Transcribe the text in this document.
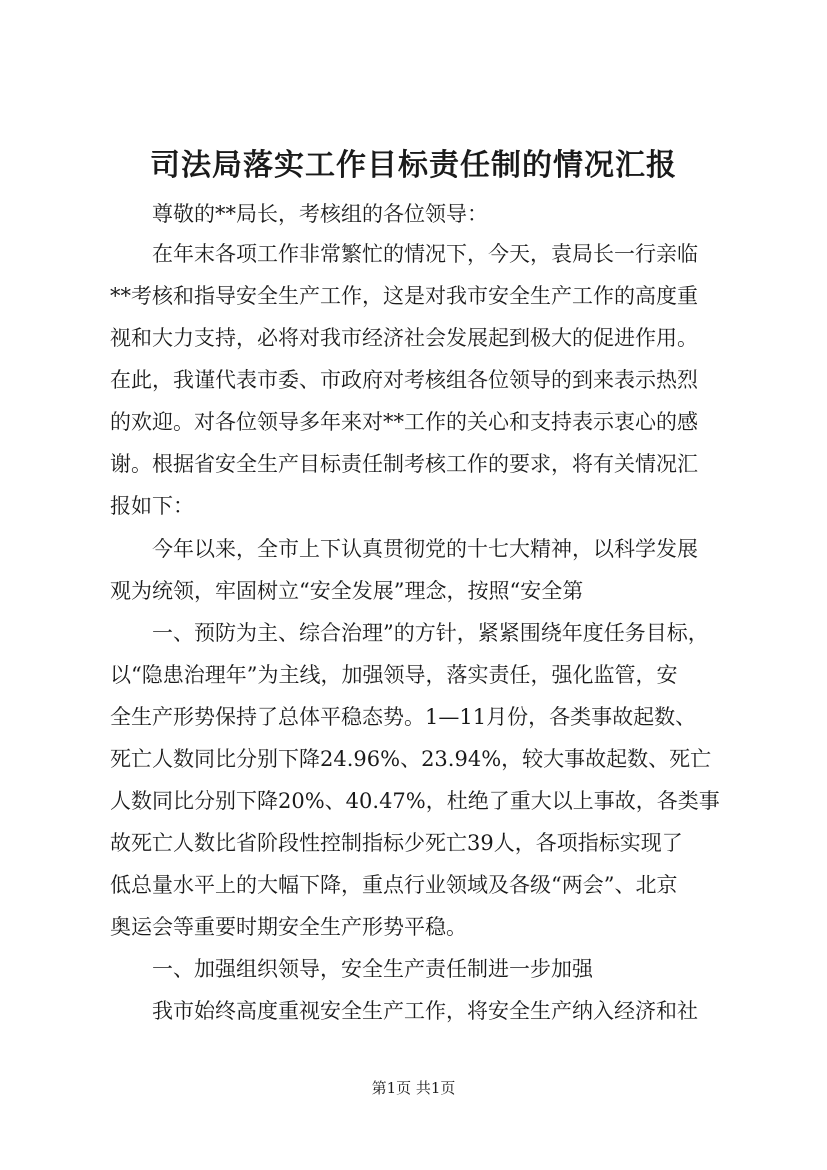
司法局落实工作目标责任制的情况汇报

尊敬的**局长，考核组的各位领导：

在年末各项工作非常繁忙的情况下，今天，袁局长一行亲临

**考核和指导安全生产工作，这是对我市安全生产工作的高度重

视和大力支持，必将对我市经济社会发展起到极大的促进作用。

在此，我谨代表市委、市政府对考核组各位领导的到来表示热烈

的欢迎。对各位领导多年来对**工作的关心和支持表示衷心的感

谢。根据省安全生产目标责任制考核工作的要求，将有关情况汇

报如下：

今年以来，全市上下认真贯彻党的十七大精神，以科学发展

观为统领，牢固树立“安全发展”理念，按照“安全第

一、预防为主、综合治理”的方针，紧紧围绕年度任务目标，

以“隐患治理年”为主线，加强领导，落实责任，强化监管，安

全生产形势保持了总体平稳态势。1—11月份，各类事故起数、

死亡人数同比分别下降24.96%、23.94%，较大事故起数、死亡

人数同比分别下降20%、40.47%，杜绝了重大以上事故，各类事

故死亡人数比省阶段性控制指标少死亡39人，各项指标实现了

低总量水平上的大幅下降，重点行业领域及各级“两会”、北京

奥运会等重要时期安全生产形势平稳。

一、加强组织领导，安全生产责任制进一步加强

我市始终高度重视安全生产工作，将安全生产纳入经济和社

第1页 共1页
